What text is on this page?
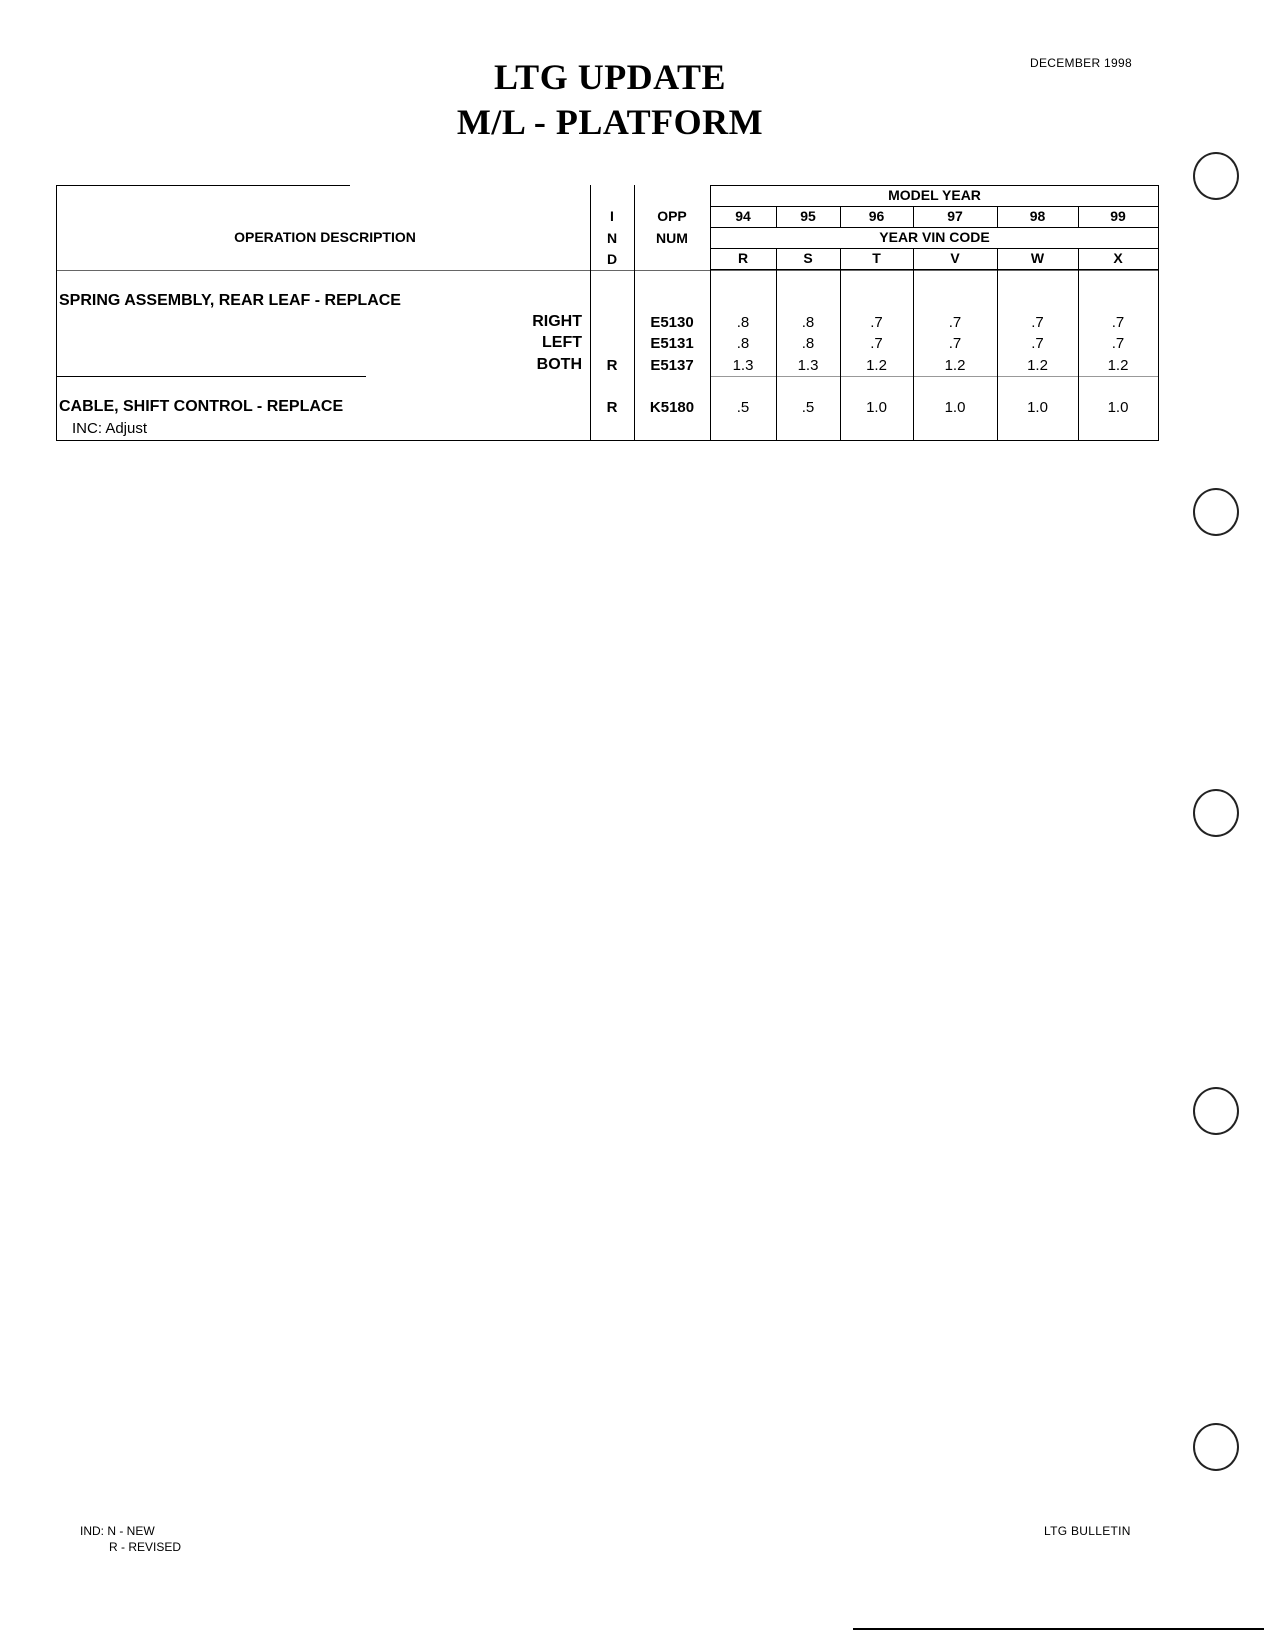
LTG UPDATE
M/L - PLATFORM
DECEMBER 1998
OPERATION DESCRIPTION
I
N
D
OPP
NUM
MODEL YEAR
YEAR VIN CODE
94	95	96	97	98	99
R	S	T	V	W	X
SPRING ASSEMBLY, REAR LEAF - REPLACE
RIGHT	E5130	.8	.8	.7	.7	.7	.7
LEFT	E5131	.8	.8	.7	.7	.7	.7
BOTH	R	E5137	1.3	1.3	1.2	1.2	1.2	1.2
CABLE, SHIFT CONTROL - REPLACE
INC: Adjust
R	K5180	.5	.5	1.0	1.0	1.0	1.0
IND: N - NEW
R - REVISED
LTG BULLETIN
